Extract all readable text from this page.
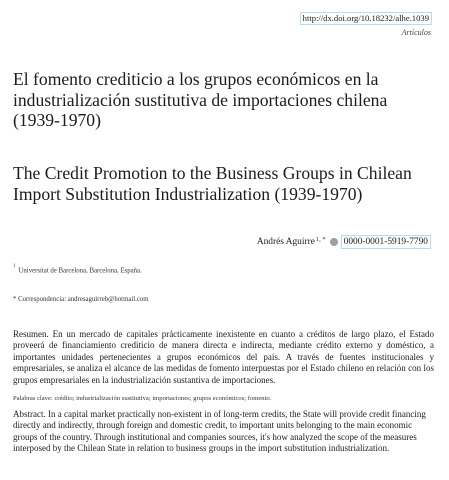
http://dx.doi.org/10.18232/alhe.1039
Artículos
El fomento crediticio a los grupos económicos en la industrialización sustitutiva de importaciones chilena (1939-1970)
The Credit Promotion to the Business Groups in Chilean Import Substitution Industrialization (1939-1970)
Andrés Aguirre$^{1, *}$	0000-0001-5919-7790
$^1$Universitat de Barcelona, Barcelona, España.
* Correspondencia: andresaguirreb@hotmail.com

Resumen. En un mercado de capitales prácticamente inexistente en cuanto a créditos de largo plazo, el Estado proveerá de financiamiento crediticio de manera directa e indirecta, mediante crédito externo y doméstico, a importantes unidades pertenecientes a grupos económicos del país. A través de fuentes institucionales y empresariales, se analiza el alcance de las medidas de fomento interpuestas por el Estado chileno en relación con los grupos empresariales en la industrialización sustantiva de importaciones.

Palabras clave: crédito; industrialización sustitutiva; importaciones; grupos económicos; fomento.

Abstract. In a capital market practically non-existent in of long-term credits, the State will provide credit financing directly and indirectly, through foreign and domestic credit, to important units belonging to the main economic groups of the country. Through institutional and companies sources, it's how analyzed the scope of the measures interposed by the Chilean State in relation to business groups in the import substitution industrialization.
